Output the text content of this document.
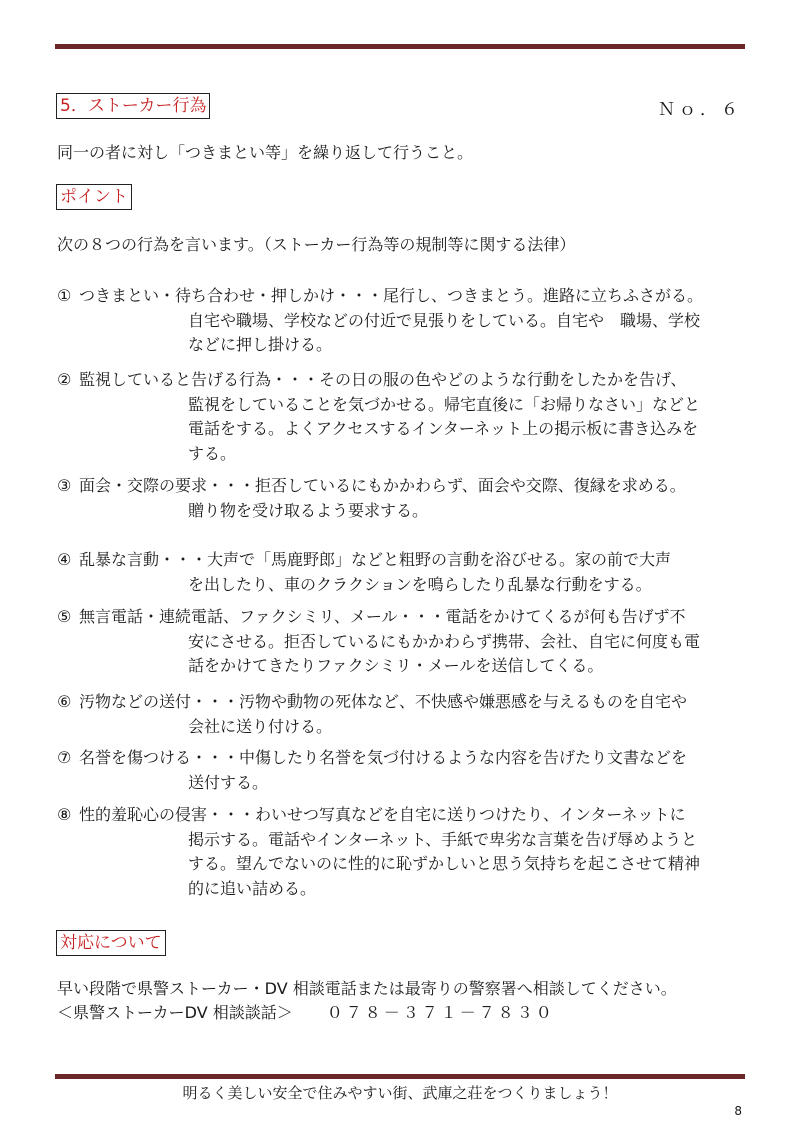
5．ストーカー行為	Ｎｏ．６
同一の者に対し「つきまとい等」を繰り返して行うこと。
ポイント
次の８つの行為を言います。（ストーカー行為等の規制等に関する法律）
① つきまとい・待ち合わせ・押しかけ・・・尾行し、つきまとう。進路に立ちふさがる。
自宅や職場、学校などの付近で見張りをしている。自宅や　職場、学校
などに押し掛ける。
② 監視していると告げる行為・・・その日の服の色やどのような行動をしたかを告げ、
監視をしていることを気づかせる。帰宅直後に「お帰りなさい」などと
電話をする。よくアクセスするインターネット上の掲示板に書き込みを
する。
③ 面会・交際の要求・・・拒否しているにもかかわらず、面会や交際、復縁を求める。
贈り物を受け取るよう要求する。
④ 乱暴な言動・・・大声で「馬鹿野郎」などと粗野の言動を浴びせる。家の前で大声
を出したり、車のクラクションを鳴らしたり乱暴な行動をする。
⑤ 無言電話・連続電話、ファクシミリ、メール・・・電話をかけてくるが何も告げず不
安にさせる。拒否しているにもかかわらず携帯、会社、自宅に何度も電
話をかけてきたりファクシミリ・メールを送信してくる。
⑥ 汚物などの送付・・・汚物や動物の死体など、不快感や嫌悪感を与えるものを自宅や
会社に送り付ける。
⑦ 名誉を傷つける・・・中傷したり名誉を気づ付けるような内容を告げたり文書などを
送付する。
⑧ 性的羞恥心の侵害・・・わいせつ写真などを自宅に送りつけたり、インターネットに
掲示する。電話やインターネット、手紙で卑劣な言葉を告げ辱めようと
する。望んでないのに性的に恥ずかしいと思う気持ちを起こさせて精神
的に追い詰める。
対応について
早い段階で県警ストーカー・DV 相談電話または最寄りの警察署へ相談してください。
＜県警ストーカーDV 相談談話＞ ０７８－３７１－７８３０
明るく美しい安全で住みやすい街、武庫之荘をつくりましょう！
8
